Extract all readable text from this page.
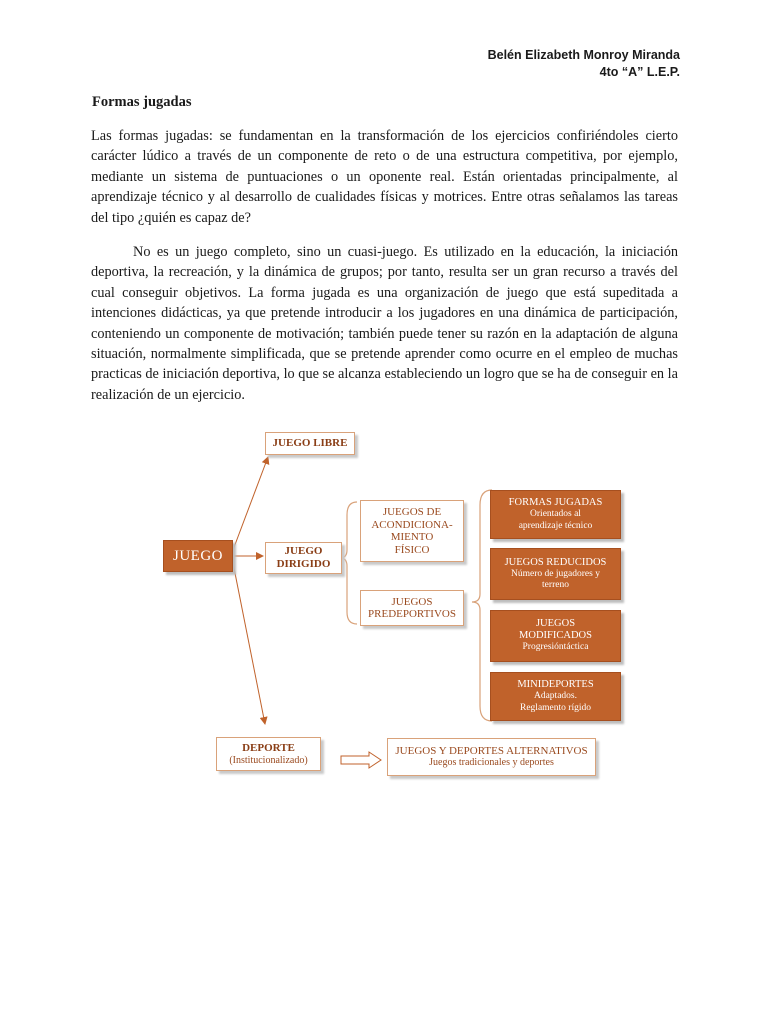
Belén Elizabeth Monroy Miranda
4to “A” L.E.P.
Formas jugadas

Las formas jugadas: se fundamentan en la transformación de los ejercicios confiriéndoles cierto carácter lúdico a través de un componente de reto o de una estructura competitiva, por ejemplo, mediante un sistema de puntuaciones o un oponente real. Están orientadas principalmente, al aprendizaje técnico y al desarrollo de cualidades físicas y motrices. Entre otras señalamos las tareas del tipo ¿quién es capaz de?

No es un juego completo, sino un cuasi-juego. Es utilizado en la educación, la iniciación deportiva, la recreación, y la dinámica de grupos; por tanto, resulta ser un gran recurso a través del cual conseguir objetivos. La forma jugada es una organización de juego que está supeditada a intenciones didácticas, ya que pretende introducir a los jugadores en una dinámica de participación, conteniendo un componente de motivación; también puede tener su razón en la adaptación de alguna situación, normalmente simplificada, que se pretende aprender como ocurre en el empleo de muchas practicas de iniciación deportiva, lo que se alcanza estableciendo un logro que se ha de conseguir en la realización de un ejercicio.

JUEGO
JUEGO LIBRE
JUEGO
DIRIGIDO
DEPORTE
(Institucionalizado)
JUEGOS DE
ACONDICIONA-
MIENTO
FÍSICO
JUEGOS
PREDEPORTIVOS
FORMAS JUGADAS
Orientados al
aprendizaje técnico
JUEGOS REDUCIDOS
Número de jugadores y
terreno
JUEGOS
MODIFICADOS
Progresióntáctica
MINIDEPORTES
Adaptados.
Reglamento rígido
JUEGOS Y DEPORTES ALTERNATIVOS
Juegos tradicionales y deportes
